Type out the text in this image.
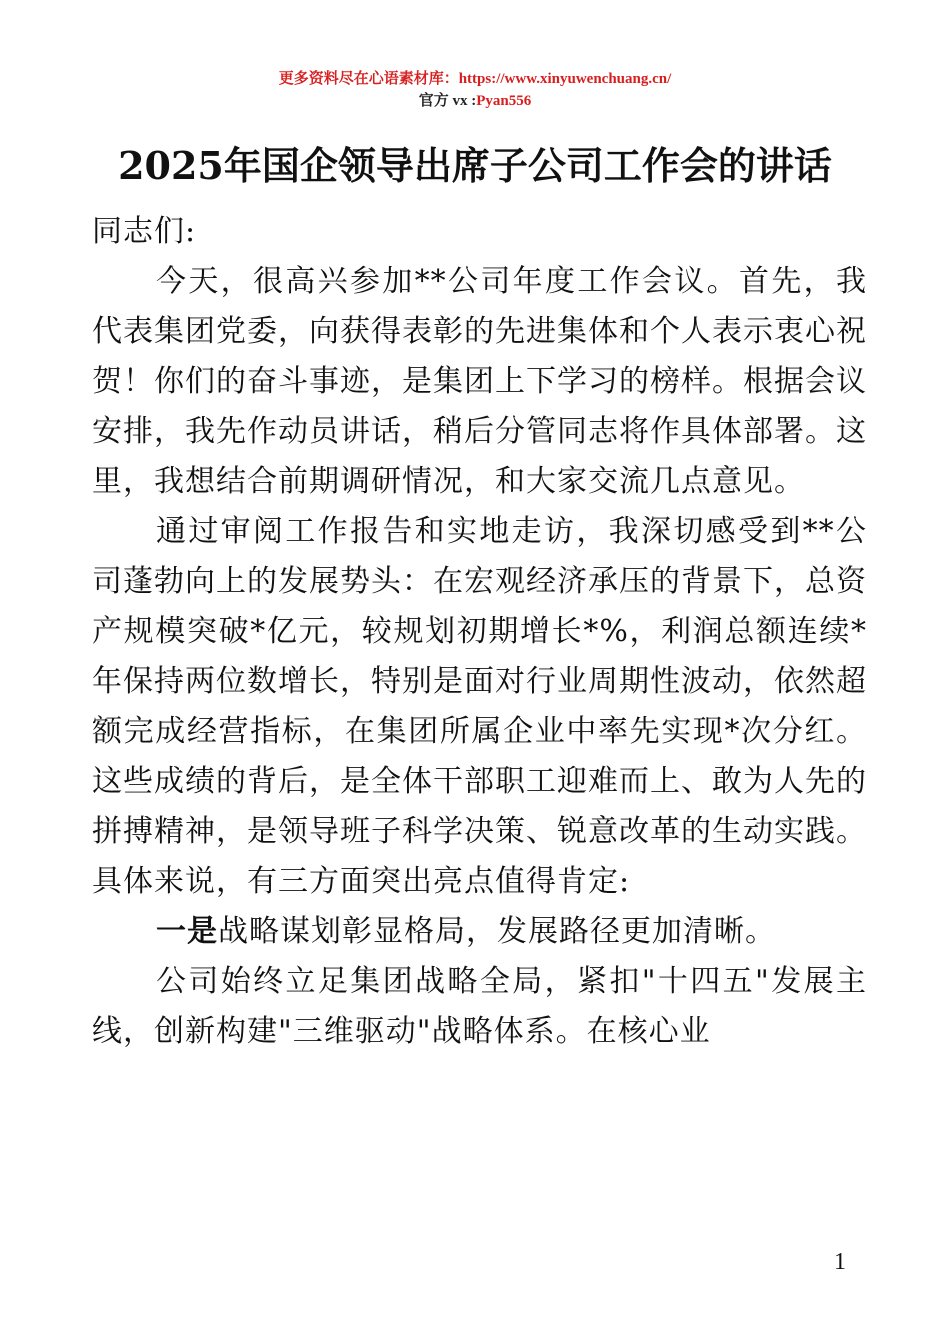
更多资料尽在心语素材库：https://www.xinyuwenchuang.cn/
官方 vx :Pyan556
2025年国企领导出席子公司工作会的讲话

同志们:

今天，很高兴参加**公司年度工作会议。首先，我代表集团党委，向获得表彰的先进集体和个人表示衷心祝贺！你们的奋斗事迹，是集团上下学习的榜样。根据会议安排，我先作动员讲话，稍后分管同志将作具体部署。这里，我想结合前期调研情况，和大家交流几点意见。

通过审阅工作报告和实地走访，我深切感受到**公司蓬勃向上的发展势头：在宏观经济承压的背景下，总资产规模突破*亿元，较规划初期增长*%，利润总额连续*年保持两位数增长，特别是面对行业周期性波动，依然超额完成经营指标，在集团所属企业中率先实现*次分红。这些成绩的背后，是全体干部职工迎难而上、敢为人先的拼搏精神，是领导班子科学决策、锐意改革的生动实践。具体来说，有三方面突出亮点值得肯定:

一是战略谋划彰显格局，发展路径更加清晰。

公司始终立足集团战略全局，紧扣"十四五"发展主线，创新构建"三维驱动"战略体系。在核心业

1
